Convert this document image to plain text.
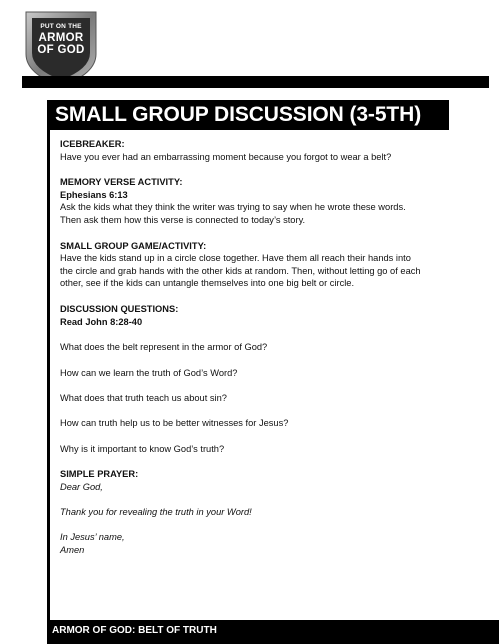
PUT ON THE
ARMOR
OF GOD
SMALL GROUP DISCUSSION (3-5TH)

ICEBREAKER:

Have you ever had an embarrassing moment because you forgot to wear a belt?

MEMORY VERSE ACTIVITY:

Ephesians 6:13

Ask the kids what they think the writer was trying to say when he wrote these words.

Then ask them how this verse is connected to today’s story.

SMALL GROUP GAME/ACTIVITY:

Have the kids stand up in a circle close together. Have them all reach their hands into

the circle and grab hands with the other kids at random. Then, without letting go of each

other, see if the kids can untangle themselves into one big belt or circle.

DISCUSSION QUESTIONS:

Read John 8:28-40

What does the belt represent in the armor of God?

How can we learn the truth of God’s Word?

What does that truth teach us about sin?

How can truth help us to be better witnesses for Jesus?

Why is it important to know God’s truth?

SIMPLE PRAYER:

Dear God,

Thank you for revealing the truth in your Word!

In Jesus’ name,

Amen

ARMOR OF GOD: BELT OF TRUTH
